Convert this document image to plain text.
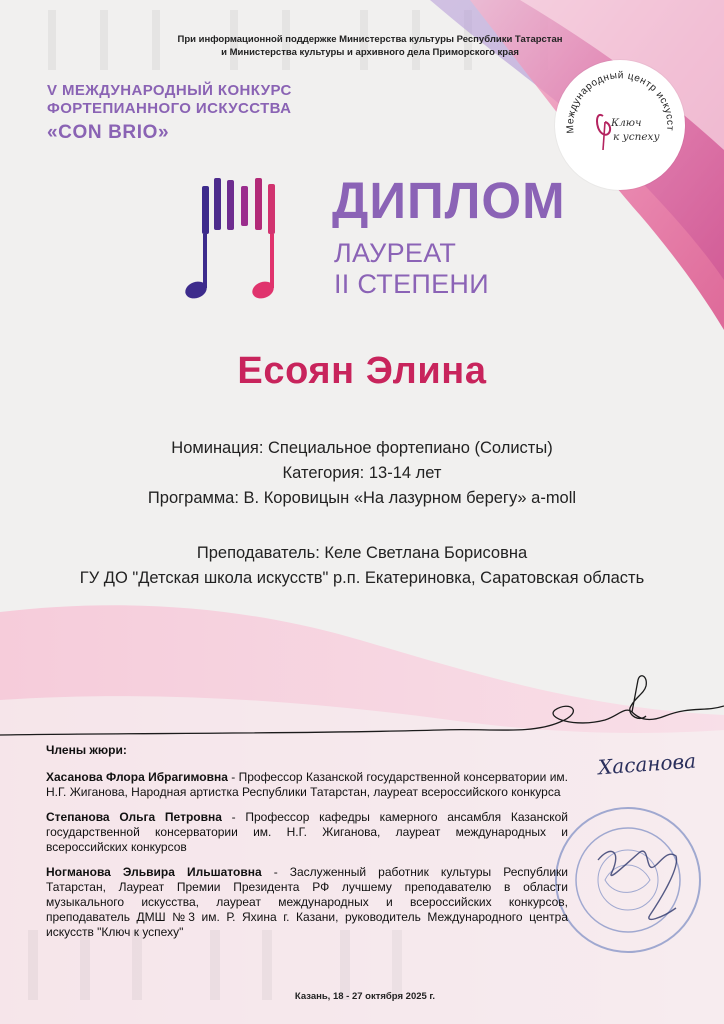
При информационной поддержке Министерства культуры Республики Татарстан
и Министерства культуры и архивного дела Приморского края
V МЕЖДУНАРОДНЫЙ КОНКУРС
ФОРТЕПИАННОГО ИСКУССТВА
«CON BRIO»	Международный центр искусст
Ключ
к успеху
ДИПЛОМ
ЛАУРЕАТ
II СТЕПЕНИ
Есоян Элина
Номинация: Специальное фортепиано (Солисты)
Категория: 13-14 лет
Программа: В. Коровицын «На лазурном берегу» a-moll
Преподаватель: Келе Светлана Борисовна
ГУ ДО "Детская школа искусств" р.п. Екатериновка, Саратовская область
Члены жюри:
Хасанова Флора Ибрагимовна - Профессор Казанской государственной консерватории им. Н.Г. Жиганова, Народная артистка Республики Татарстан, лауреат всероссийского конкурса
Степанова Ольга Петровна - Профессор кафедры камерного ансамбля Казанской государственной консерватории им. Н.Г. Жиганова, лауреат международных и всероссийских конкурсов
Ногманова Эльвира Ильшатовна - Заслуженный работник культуры Республики Татарстан, Лауреат Премии Президента РФ лучшему преподавателю в области музыкального искусства, лауреат международных и всероссийских конкурсов, преподаватель ДМШ №3 им. Р. Яхина г. Казани, руководитель Международного центра искусств "Ключ к успеху"
Хасанова
Казань, 18 - 27 октября 2025 г.
